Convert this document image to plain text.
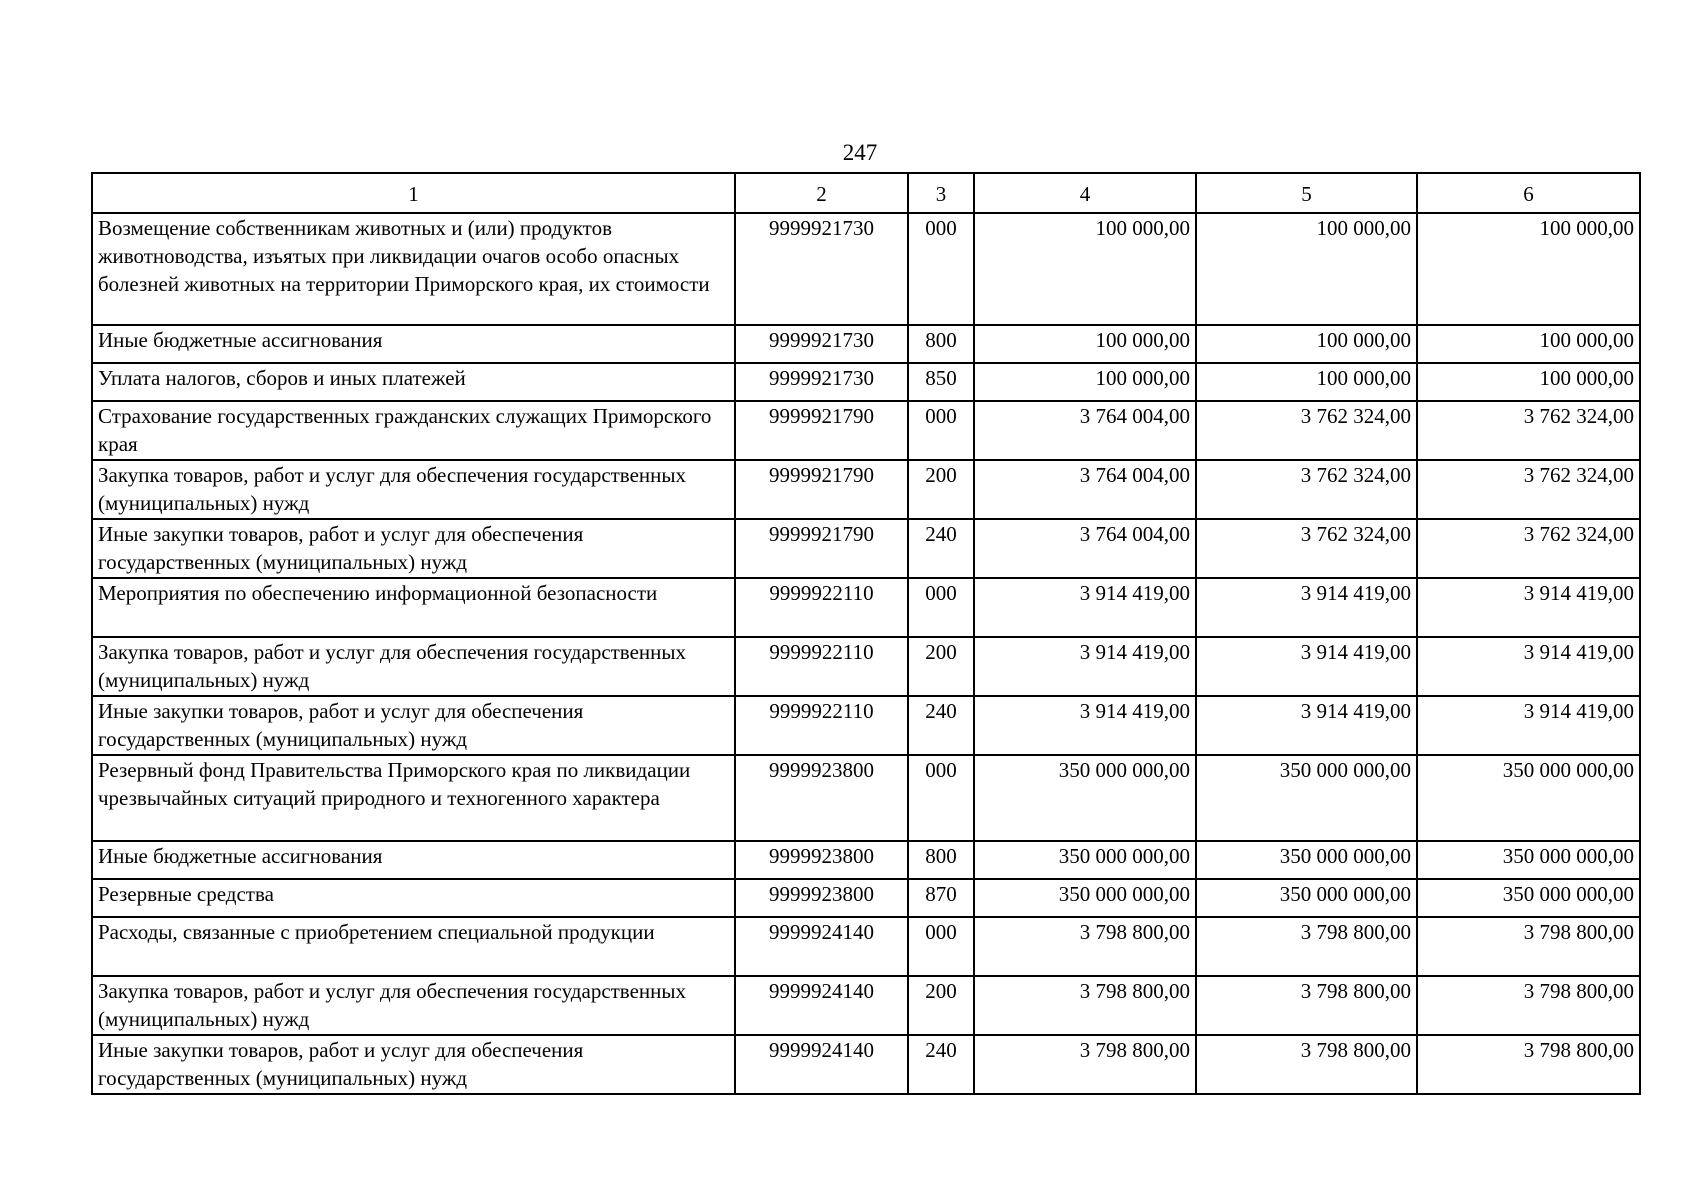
247
1	2	3	4	5	6
Возмещение собственникам животных и (или) продуктов животноводства, изъятых при ликвидации очагов особо опасных болезней животных на территории Приморского края, их стоимости	9999921730	000	100 000,00	100 000,00	100 000,00
Иные бюджетные ассигнования	9999921730	800	100 000,00	100 000,00	100 000,00
Уплата налогов, сборов и иных платежей	9999921730	850	100 000,00	100 000,00	100 000,00
Страхование государственных гражданских служащих Приморского края	9999921790	000	3 764 004,00	3 762 324,00	3 762 324,00
Закупка товаров, работ и услуг для обеспечения государственных (муниципальных) нужд	9999921790	200	3 764 004,00	3 762 324,00	3 762 324,00
Иные закупки товаров, работ и услуг для обеспечения государственных (муниципальных) нужд	9999921790	240	3 764 004,00	3 762 324,00	3 762 324,00
Мероприятия по обеспечению информационной безопасности	9999922110	000	3 914 419,00	3 914 419,00	3 914 419,00
Закупка товаров, работ и услуг для обеспечения государственных (муниципальных) нужд	9999922110	200	3 914 419,00	3 914 419,00	3 914 419,00
Иные закупки товаров, работ и услуг для обеспечения государственных (муниципальных) нужд	9999922110	240	3 914 419,00	3 914 419,00	3 914 419,00
Резервный фонд Правительства Приморского края по ликвидации чрезвычайных ситуаций природного и техногенного характера	9999923800	000	350 000 000,00	350 000 000,00	350 000 000,00
Иные бюджетные ассигнования	9999923800	800	350 000 000,00	350 000 000,00	350 000 000,00
Резервные средства	9999923800	870	350 000 000,00	350 000 000,00	350 000 000,00
Расходы, связанные с приобретением специальной продукции	9999924140	000	3 798 800,00	3 798 800,00	3 798 800,00
Закупка товаров, работ и услуг для обеспечения государственных (муниципальных) нужд	9999924140	200	3 798 800,00	3 798 800,00	3 798 800,00
Иные закупки товаров, работ и услуг для обеспечения государственных (муниципальных) нужд	9999924140	240	3 798 800,00	3 798 800,00	3 798 800,00
